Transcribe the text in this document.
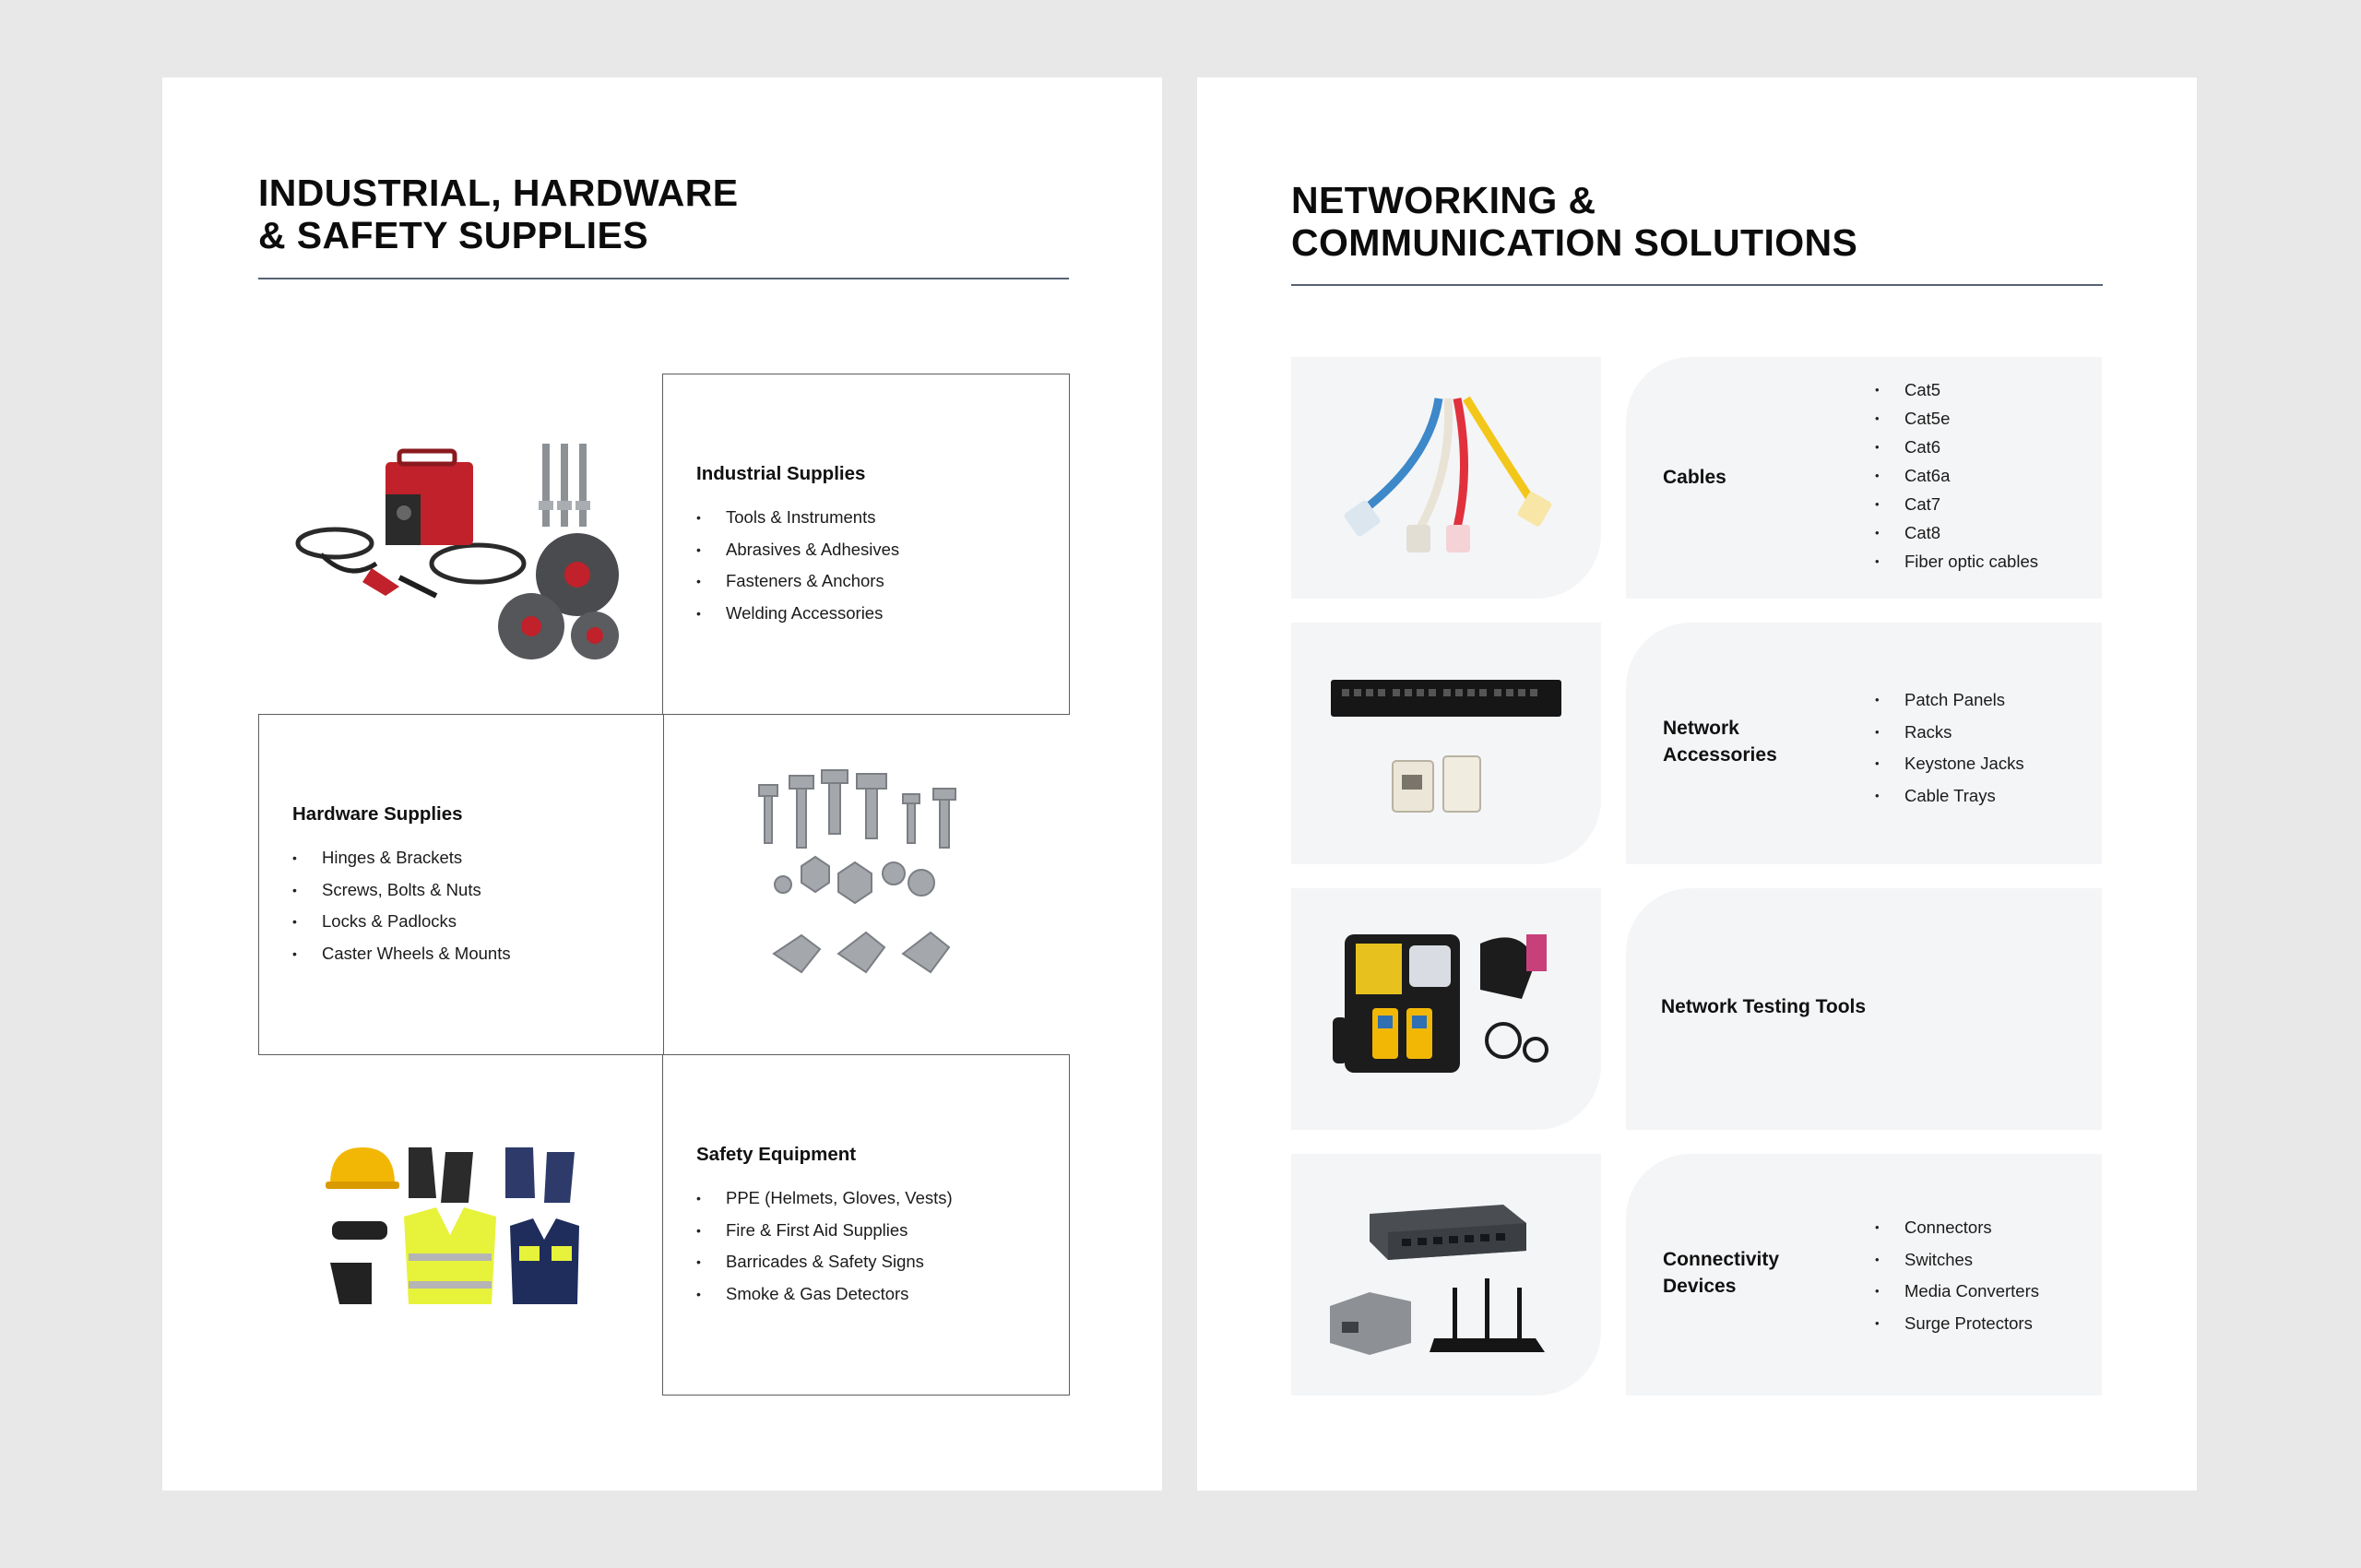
INDUSTRIAL, HARDWARE
& SAFETY SUPPLIES
Industrial Supplies
• Tools & Instruments
• Abrasives & Adhesives
• Fasteners & Anchors
• Welding Accessories
Hardware Supplies
• Hinges & Brackets
• Screws, Bolts & Nuts
• Locks & Padlocks
• Caster Wheels & Mounts
Safety Equipment
• PPE (Helmets, Gloves, Vests)
• Fire & First Aid Supplies
• Barricades & Safety Signs
• Smoke & Gas Detectors
NETWORKING &
COMMUNICATION SOLUTIONS
Cables
• Cat5
• Cat5e
• Cat6
• Cat6a
• Cat7
• Cat8
• Fiber optic cables
Network
Accessories
• Patch Panels
• Racks
• Keystone Jacks
• Cable Trays
Network Testing Tools
Connectivity
Devices
• Connectors
• Switches
• Media Converters
• Surge Protectors
